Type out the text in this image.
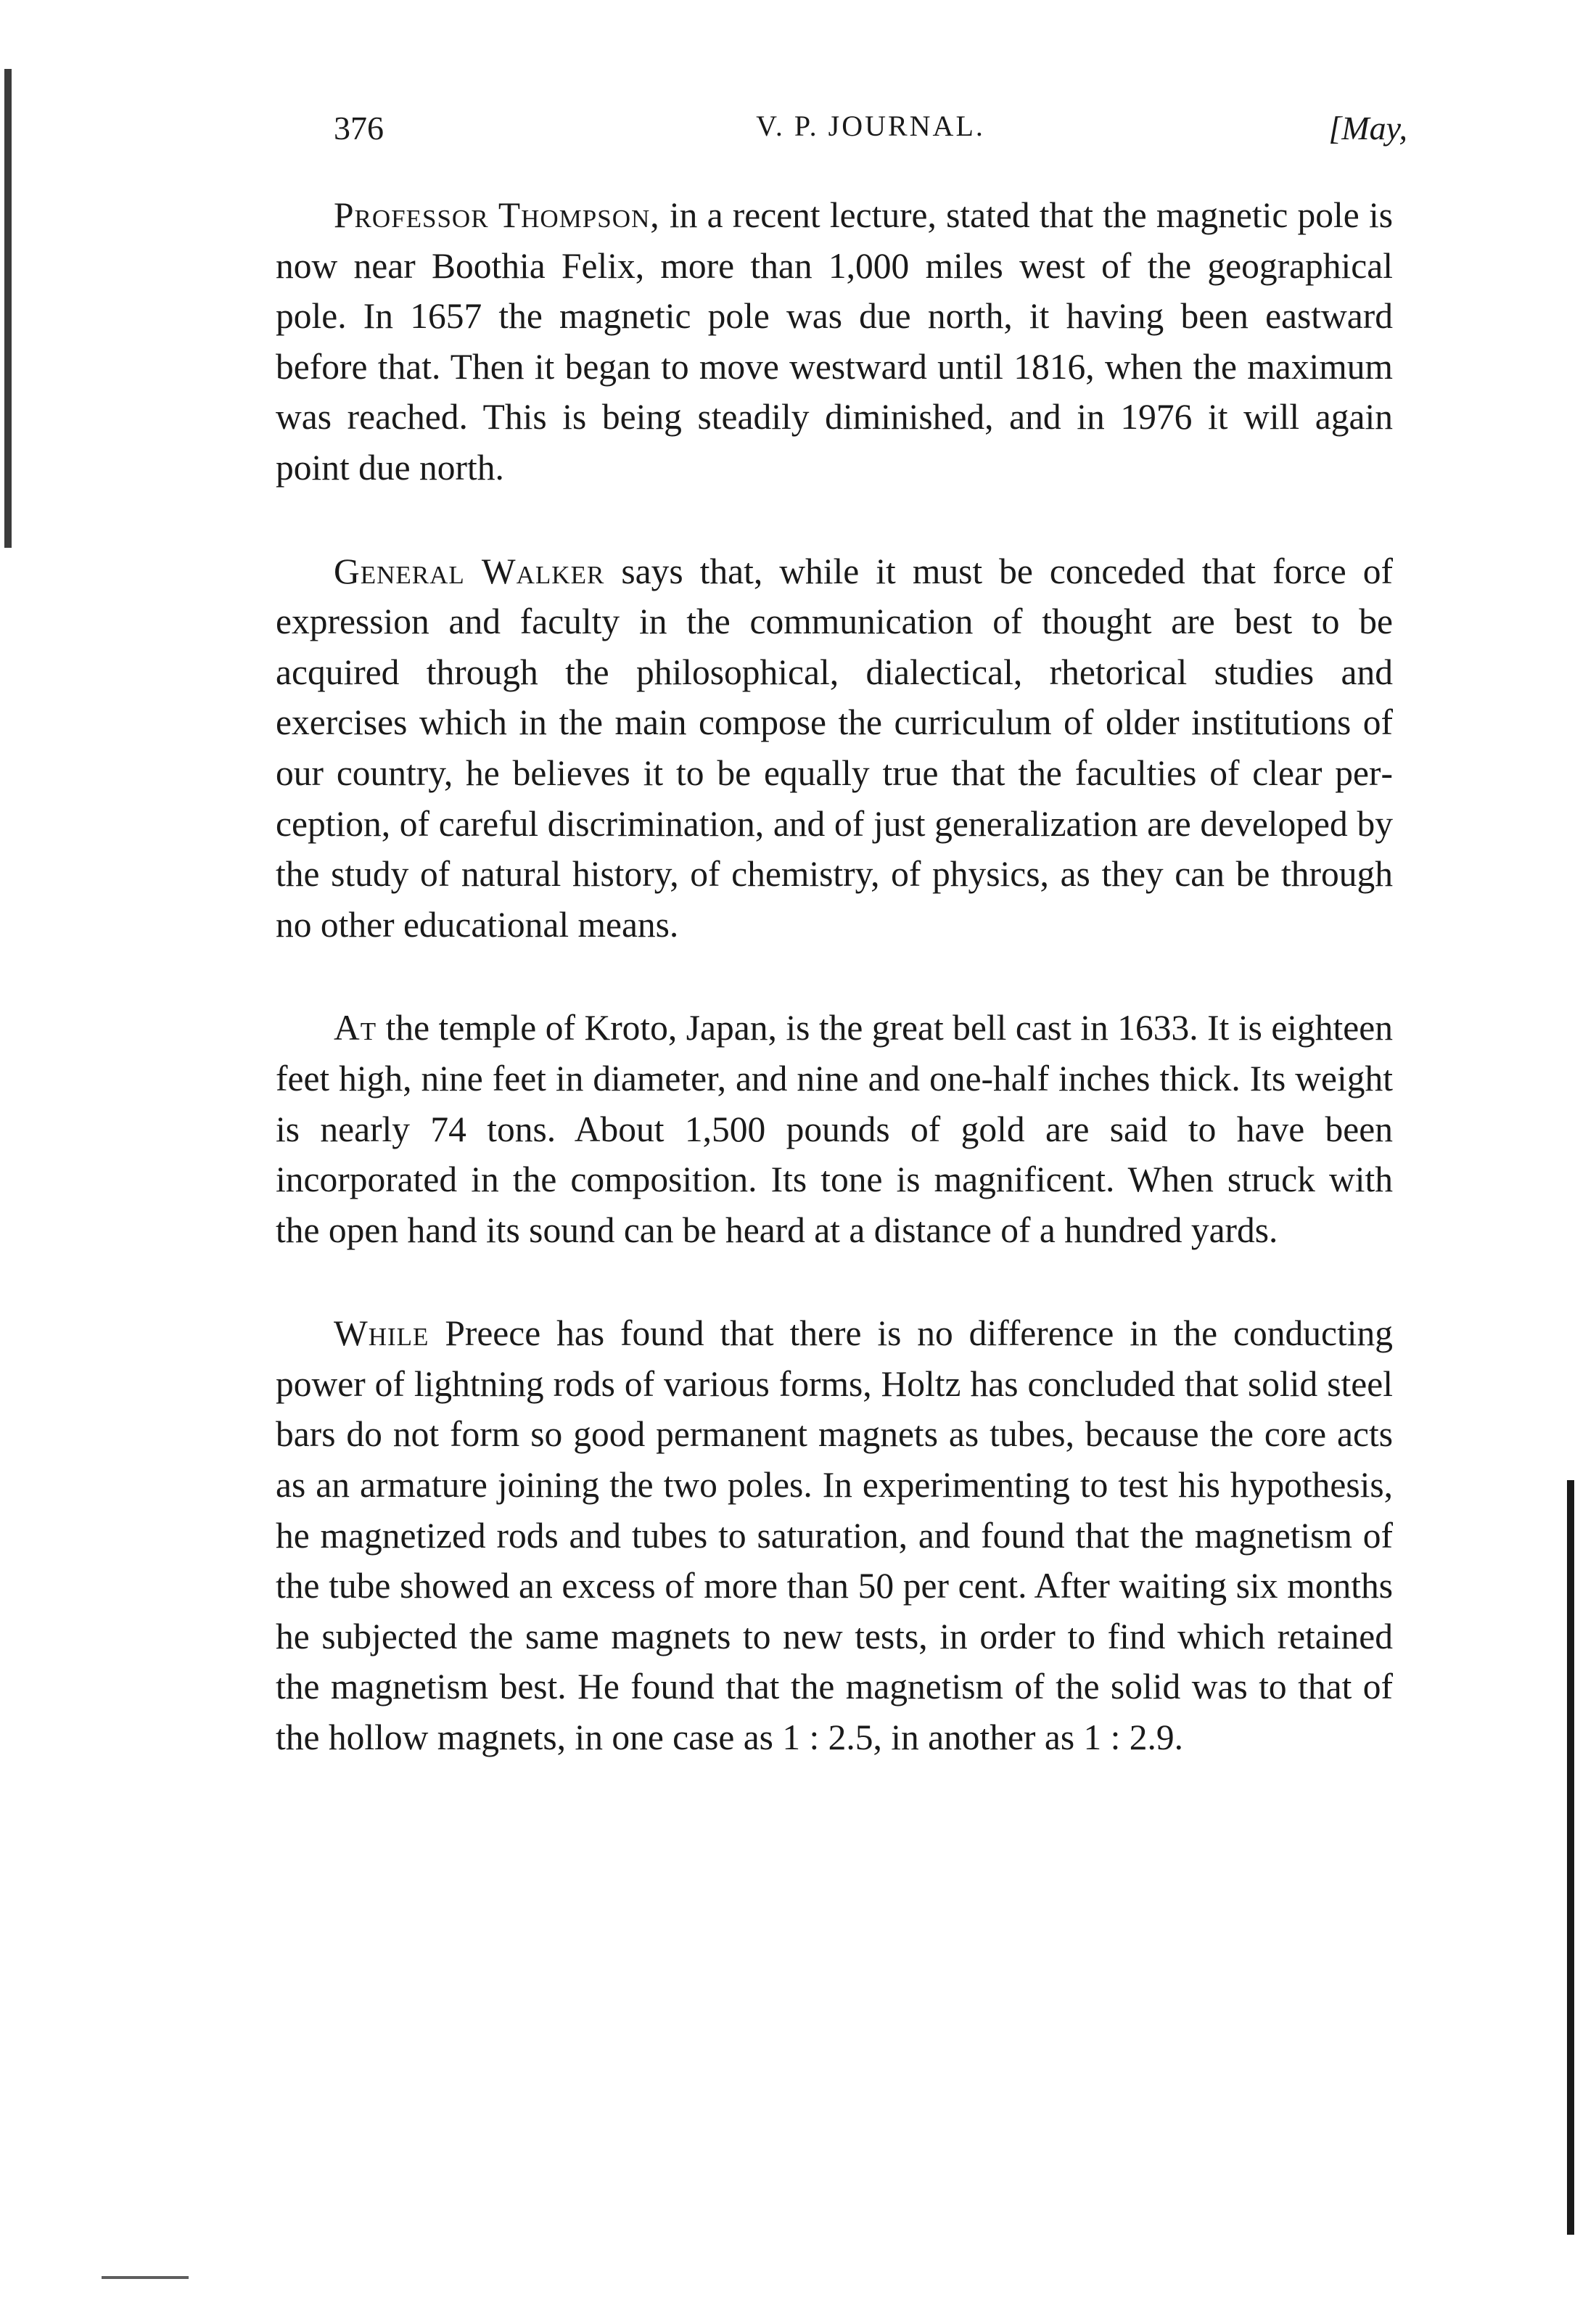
376	V. P. JOURNAL.	[May,

Professor Thompson, in a recent lecture, stated that the magnetic pole is now near Boothia Felix, more than 1,000 miles west of the geographical pole. In 1657 the magnetic pole was due north, it having been eastward before that. Then it began to move westward until 1816, when the maximum was reached. This is being steadily diminished, and in 1976 it will again point due north.

General Walker says that, while it must be conceded that force of expression and faculty in the communication of thought are best to be acquired through the philosophical, dialectical, rhetorical studies and exercises which in the main compose the curriculum of older institutions of our country, he believes it to be equally true that the faculties of clear perception, of careful discrimination, and of just generalization are developed by the study of natural history, of chemistry, of physics, as they can be through no other educational means.

At the temple of Kroto, Japan, is the great bell cast in 1633. It is eighteen feet high, nine feet in diameter, and nine and one-half inches thick. Its weight is nearly 74 tons. About 1,500 pounds of gold are said to have been incorporated in the composition. Its tone is magnificent. When struck with the open hand its sound can be heard at a distance of a hundred yards.

While Preece has found that there is no difference in the conducting power of lightning rods of various forms, Holtz has concluded that solid steel bars do not form so good permanent magnets as tubes, because the core acts as an armature joining the two poles. In experimenting to test his hypothesis, he magnetized rods and tubes to saturation, and found that the magnetism of the tube showed an excess of more than 50 per cent. After waiting six months he subjected the same magnets to new tests, in order to find which retained the magnetism best. He found that the magnetism of the solid was to that of the hollow magnets, in one case as 1 : 2.5, in another as 1 : 2.9.
